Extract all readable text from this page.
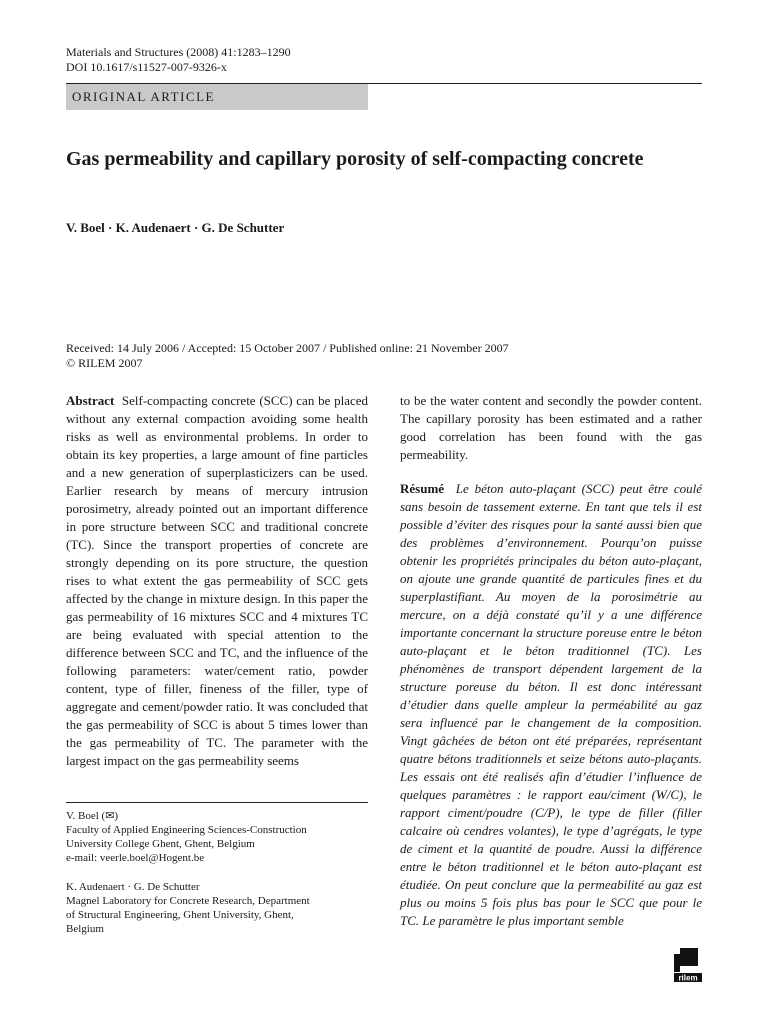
Materials and Structures (2008) 41:1283–1290
DOI 10.1617/s11527-007-9326-x
ORIGINAL ARTICLE
Gas permeability and capillary porosity of self-compacting concrete
V. Boel · K. Audenaert · G. De Schutter
Received: 14 July 2006 / Accepted: 15 October 2007 / Published online: 21 November 2007
© RILEM 2007

Abstract Self-compacting concrete (SCC) can be placed without any external compaction avoiding some health risks as well as environmental problems. In order to obtain its key properties, a large amount of fine particles and a new generation of superplasticizers can be used. Earlier research by means of mercury intrusion porosimetry, already pointed out an important difference in pore structure between SCC and traditional concrete (TC). Since the transport properties of concrete are strongly depending on its pore structure, the question rises to what extent the gas permeability of SCC gets affected by the change in mixture design. In this paper the gas permeability of 16 mixtures SCC and 4 mixtures TC are being evaluated with special attention to the difference between SCC and TC, and the influence of the following parameters: water/cement ratio, powder content, type of filler, fineness of the filler, type of aggregate and cement/powder ratio. It was concluded that the gas permeability of SCC is about 5 times lower than the gas permeability of TC. The parameter with the largest impact on the gas permeability seems

V. Boel (✉)
Faculty of Applied Engineering Sciences-Construction
University College Ghent, Ghent, Belgium
e-mail: veerle.boel@Hogent.be
K. Audenaert · G. De Schutter
Magnel Laboratory for Concrete Research, Department
of Structural Engineering, Ghent University, Ghent,
Belgium

to be the water content and secondly the powder content. The capillary porosity has been estimated and a rather good correlation has been found with the gas permeability.

Résumé Le béton auto-plaçant (SCC) peut être coulé sans besoin de tassement externe. En tant que tels il est possible d’éviter des risques pour la santé aussi bien que des problèmes d’environnement. Pourqu’on puisse obtenir les propriétés principales du béton auto-plaçant, on ajoute une grande quantité de particules fines et du superplastifiant. Au moyen de la porosimétrie au mercure, on a déjà constaté qu’il y a une différence importante concernant la structure poreuse entre le béton auto-plaçant et le béton traditionnel (TC). Les phénomènes de transport dépendent largement de la structure poreuse du béton. Il est donc intéressant d’étudier dans quelle ampleur la perméabilité au gaz sera influencé par le changement de la composition. Vingt gâchées de béton ont été préparées, représentant quatre bétons traditionnels et seize bétons auto-plaçants. Les essais ont été realisés afin d’étudier l’influence de quelques paramètres : le rapport eau/ciment (W/C), le rapport ciment/poudre (C/P), le type de filler (filler calcaire où cendres volantes), le type d’agrégats, le type de ciment et la quantité de poudre. Aussi la différence entre le béton traditionnel et le béton auto-plaçant est étudiée. On peut conclure que la permeabilité au gaz est plus ou moins 5 fois plus bas pour le SCC que pour le TC. Le paramètre le plus important semble

rilem
